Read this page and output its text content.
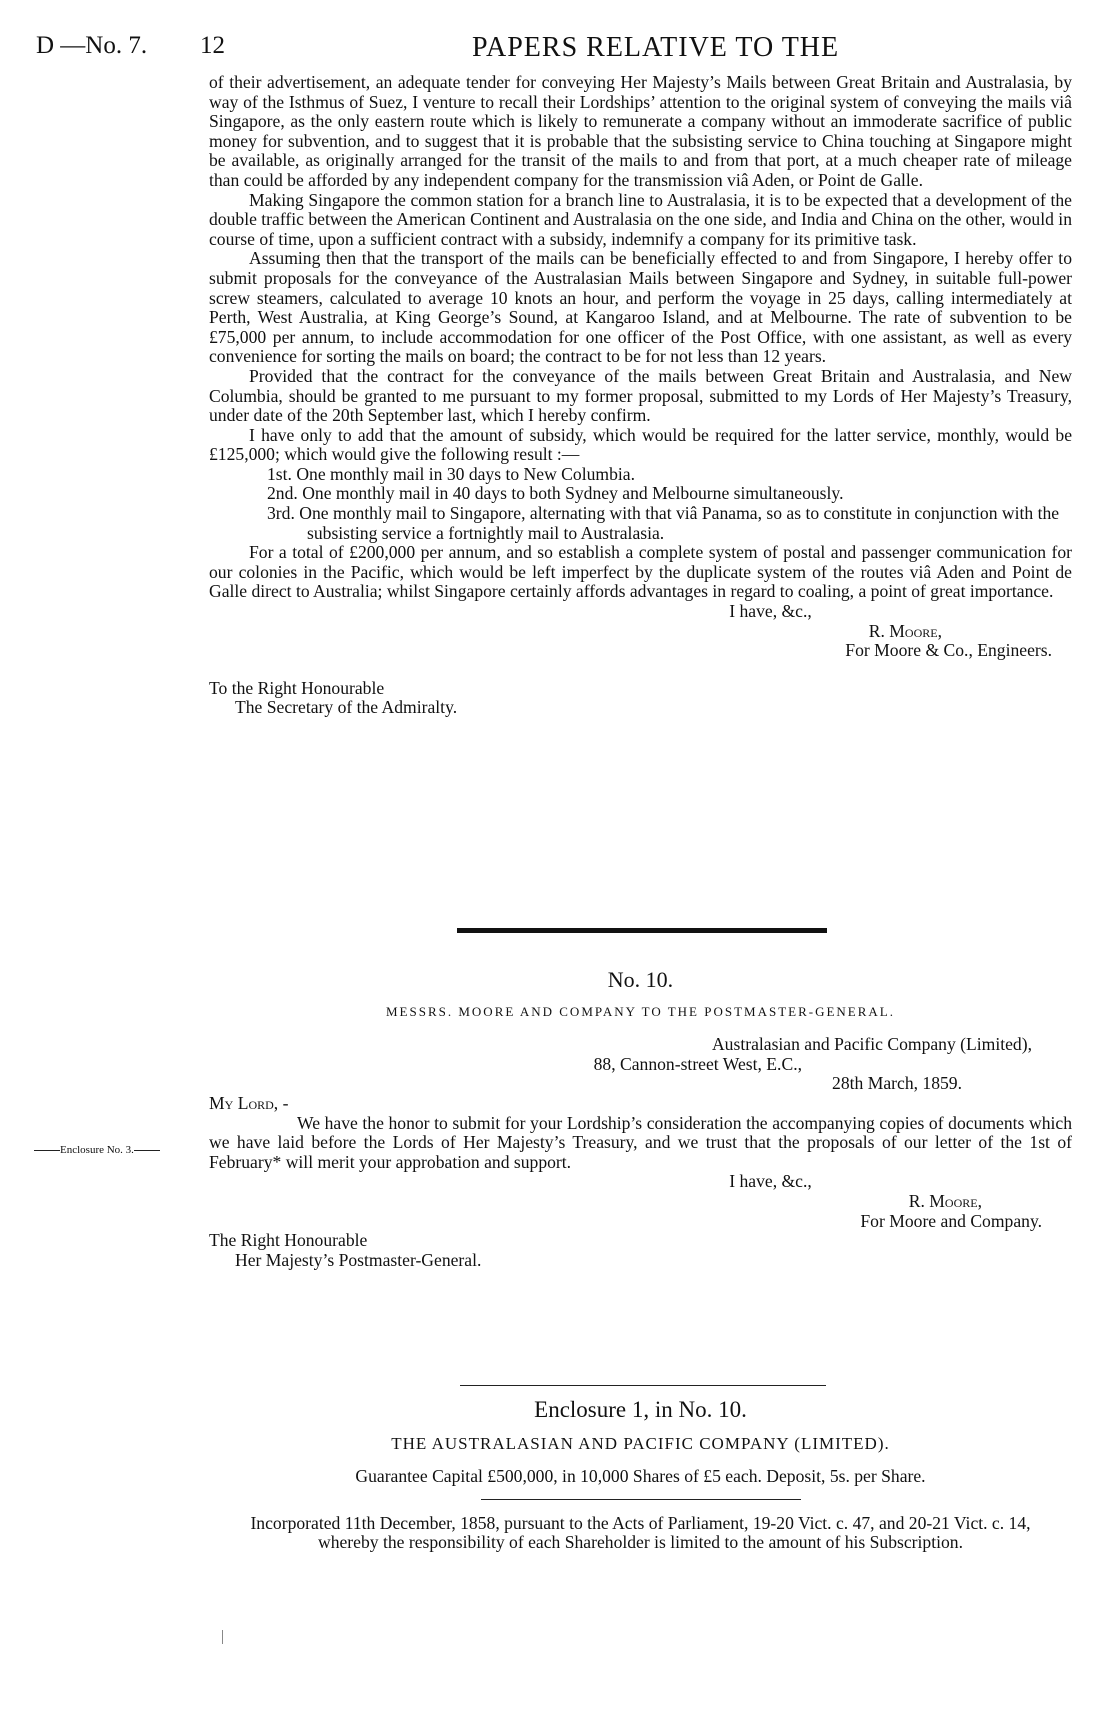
D —No. 7. 12	PAPERS RELATIVE TO THE

of their advertisement, an adequate tender for conveying Her Majesty’s Mails between Great Britain and Australasia, by way of the Isthmus of Suez, I venture to recall their Lordships’ attention to the original system of conveying the mails viâ Singapore, as the only eastern route which is likely to remunerate a company without an immoderate sacrifice of public money for subvention, and to suggest that it is probable that the subsisting service to China touching at Singapore might be available, as originally arranged for the transit of the mails to and from that port, at a much cheaper rate of mileage than could be afforded by any independent company for the transmission viâ Aden, or Point de Galle.

Making Singapore the common station for a branch line to Australasia, it is to be expected that a development of the double traffic between the American Continent and Australasia on the one side, and India and China on the other, would in course of time, upon a sufficient contract with a subsidy, indemnify a company for its primitive task.

Assuming then that the transport of the mails can be beneficially effected to and from Singapore, I hereby offer to submit proposals for the conveyance of the Australasian Mails between Singapore and Sydney, in suitable full-power screw steamers, calculated to average 10 knots an hour, and perform the voyage in 25 days, calling intermediately at Perth, West Australia, at King George’s Sound, at Kangaroo Island, and at Melbourne. The rate of subvention to be £75,000 per annum, to include accommodation for one officer of the Post Office, with one assistant, as well as every convenience for sorting the mails on board; the contract to be for not less than 12 years.

Provided that the contract for the conveyance of the mails between Great Britain and Australasia, and New Columbia, should be granted to me pursuant to my former proposal, submitted to my Lords of Her Majesty’s Treasury, under date of the 20th September last, which I hereby confirm.

I have only to add that the amount of subsidy, which would be required for the latter service, monthly, would be £125,000; which would give the following result :—

1st. One monthly mail in 30 days to New Columbia.
2nd. One monthly mail in 40 days to both Sydney and Melbourne simultaneously.
3rd. One monthly mail to Singapore, alternating with that viâ Panama, so as to constitute in conjunction with the subsisting service a fortnightly mail to Australasia.

For a total of £200,000 per annum, and so establish a complete system of postal and passenger communication for our colonies in the Pacific, which would be left imperfect by the duplicate system of the routes viâ Aden and Point de Galle direct to Australia; whilst Singapore certainly affords advantages in regard to coaling, a point of great importance.

I have, &c.,
R. Moore,
For Moore & Co., Engineers.
To the Right Honourable
The Secretary of the Admiralty.
No. 10.
MESSRS. MOORE AND COMPANY TO THE POSTMASTER-GENERAL.
Australasian and Pacific Company (Limited),
88, Cannon-street West, E.C.,
28th March, 1859.
My Lord, -

We have the honor to submit for your Lordship’s consideration the accompanying copies of documents which we have laid before the Lords of Her Majesty’s Treasury, and we trust that the proposals of our letter of the 1st of February* will merit your approbation and support.

I have, &c.,
R. Moore,
For Moore and Company.
The Right Honourable
Her Majesty’s Postmaster-General.
Enclosure No. 3.
Enclosure 1, in No. 10.
THE AUSTRALASIAN AND PACIFIC COMPANY (LIMITED).
Guarantee Capital £500,000, in 10,000 Shares of £5 each. Deposit, 5s. per Share.

Incorporated 11th December, 1858, pursuant to the Acts of Parliament, 19-20 Vict. c. 47, and 20-21 Vict. c. 14, whereby the responsibility of each Shareholder is limited to the amount of his Subscription.
